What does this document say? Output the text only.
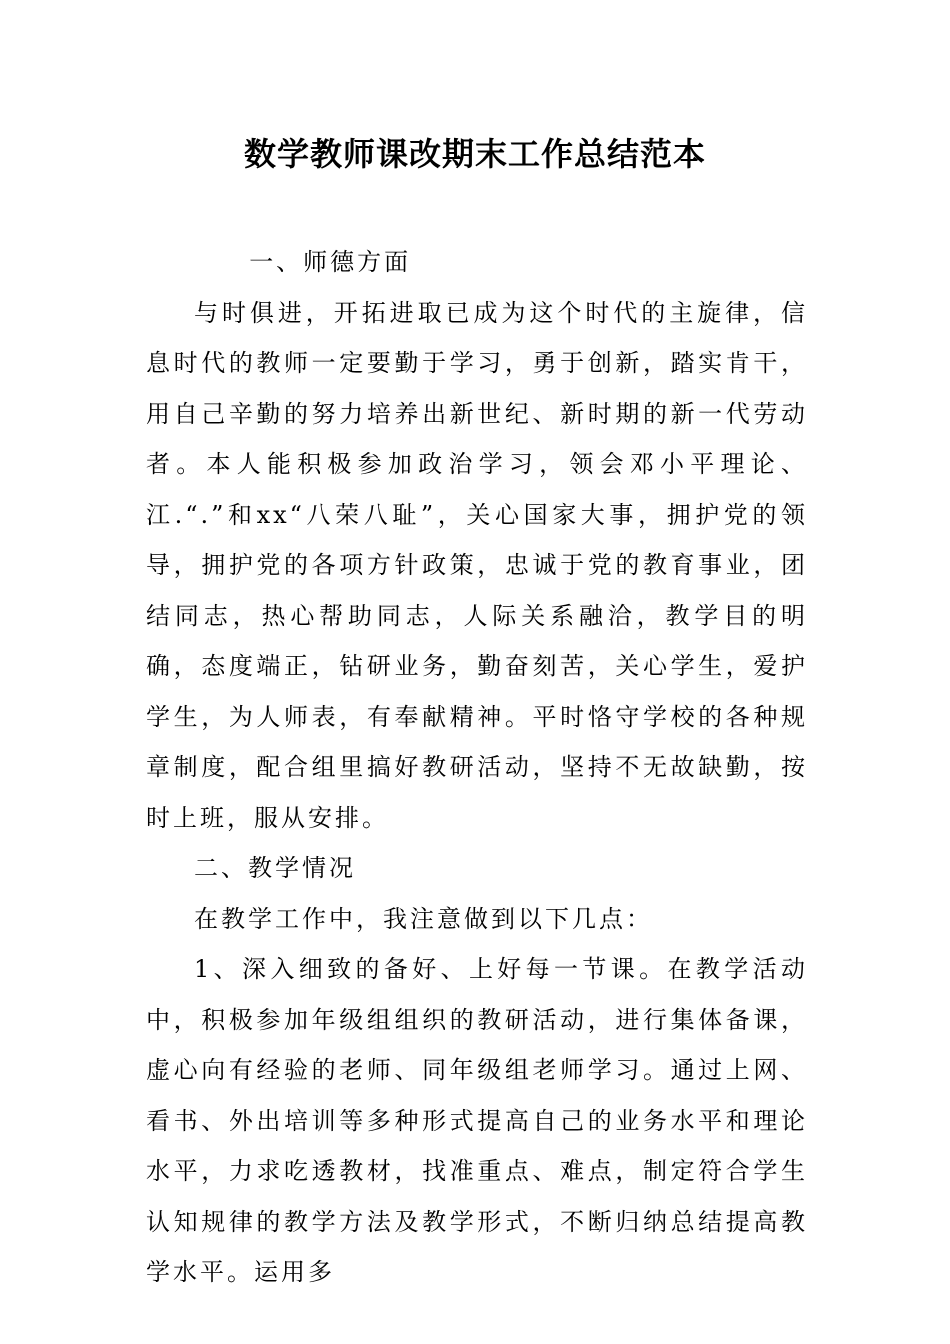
数学教师课改期末工作总结范本

一、师德方面

与时俱进，开拓进取已成为这个时代的主旋律，信息时代的教师一定要勤于学习，勇于创新，踏实肯干，用自己辛勤的努力培养出新世纪、新时期的新一代劳动者。本人能积极参加政治学习，领会邓小平理论、江.“.”和xx“八荣八耻”，关心国家大事，拥护党的领导，拥护党的各项方针政策，忠诚于党的教育事业，团结同志，热心帮助同志，人际关系融洽，教学目的明确，态度端正，钻研业务，勤奋刻苦，关心学生，爱护学生，为人师表，有奉献精神。平时恪守学校的各种规章制度，配合组里搞好教研活动，坚持不无故缺勤，按时上班，服从安排。

二、教学情况

在教学工作中，我注意做到以下几点：

1、深入细致的备好、上好每一节课。在教学活动中，积极参加年级组组织的教研活动，进行集体备课，虚心向有经验的老师、同年级组老师学习。通过上网、看书、外出培训等多种形式提高自己的业务水平和理论水平，力求吃透教材，找准重点、难点，制定符合学生认知规律的教学方法及教学形式，不断归纳总结提高教学水平。运用多
